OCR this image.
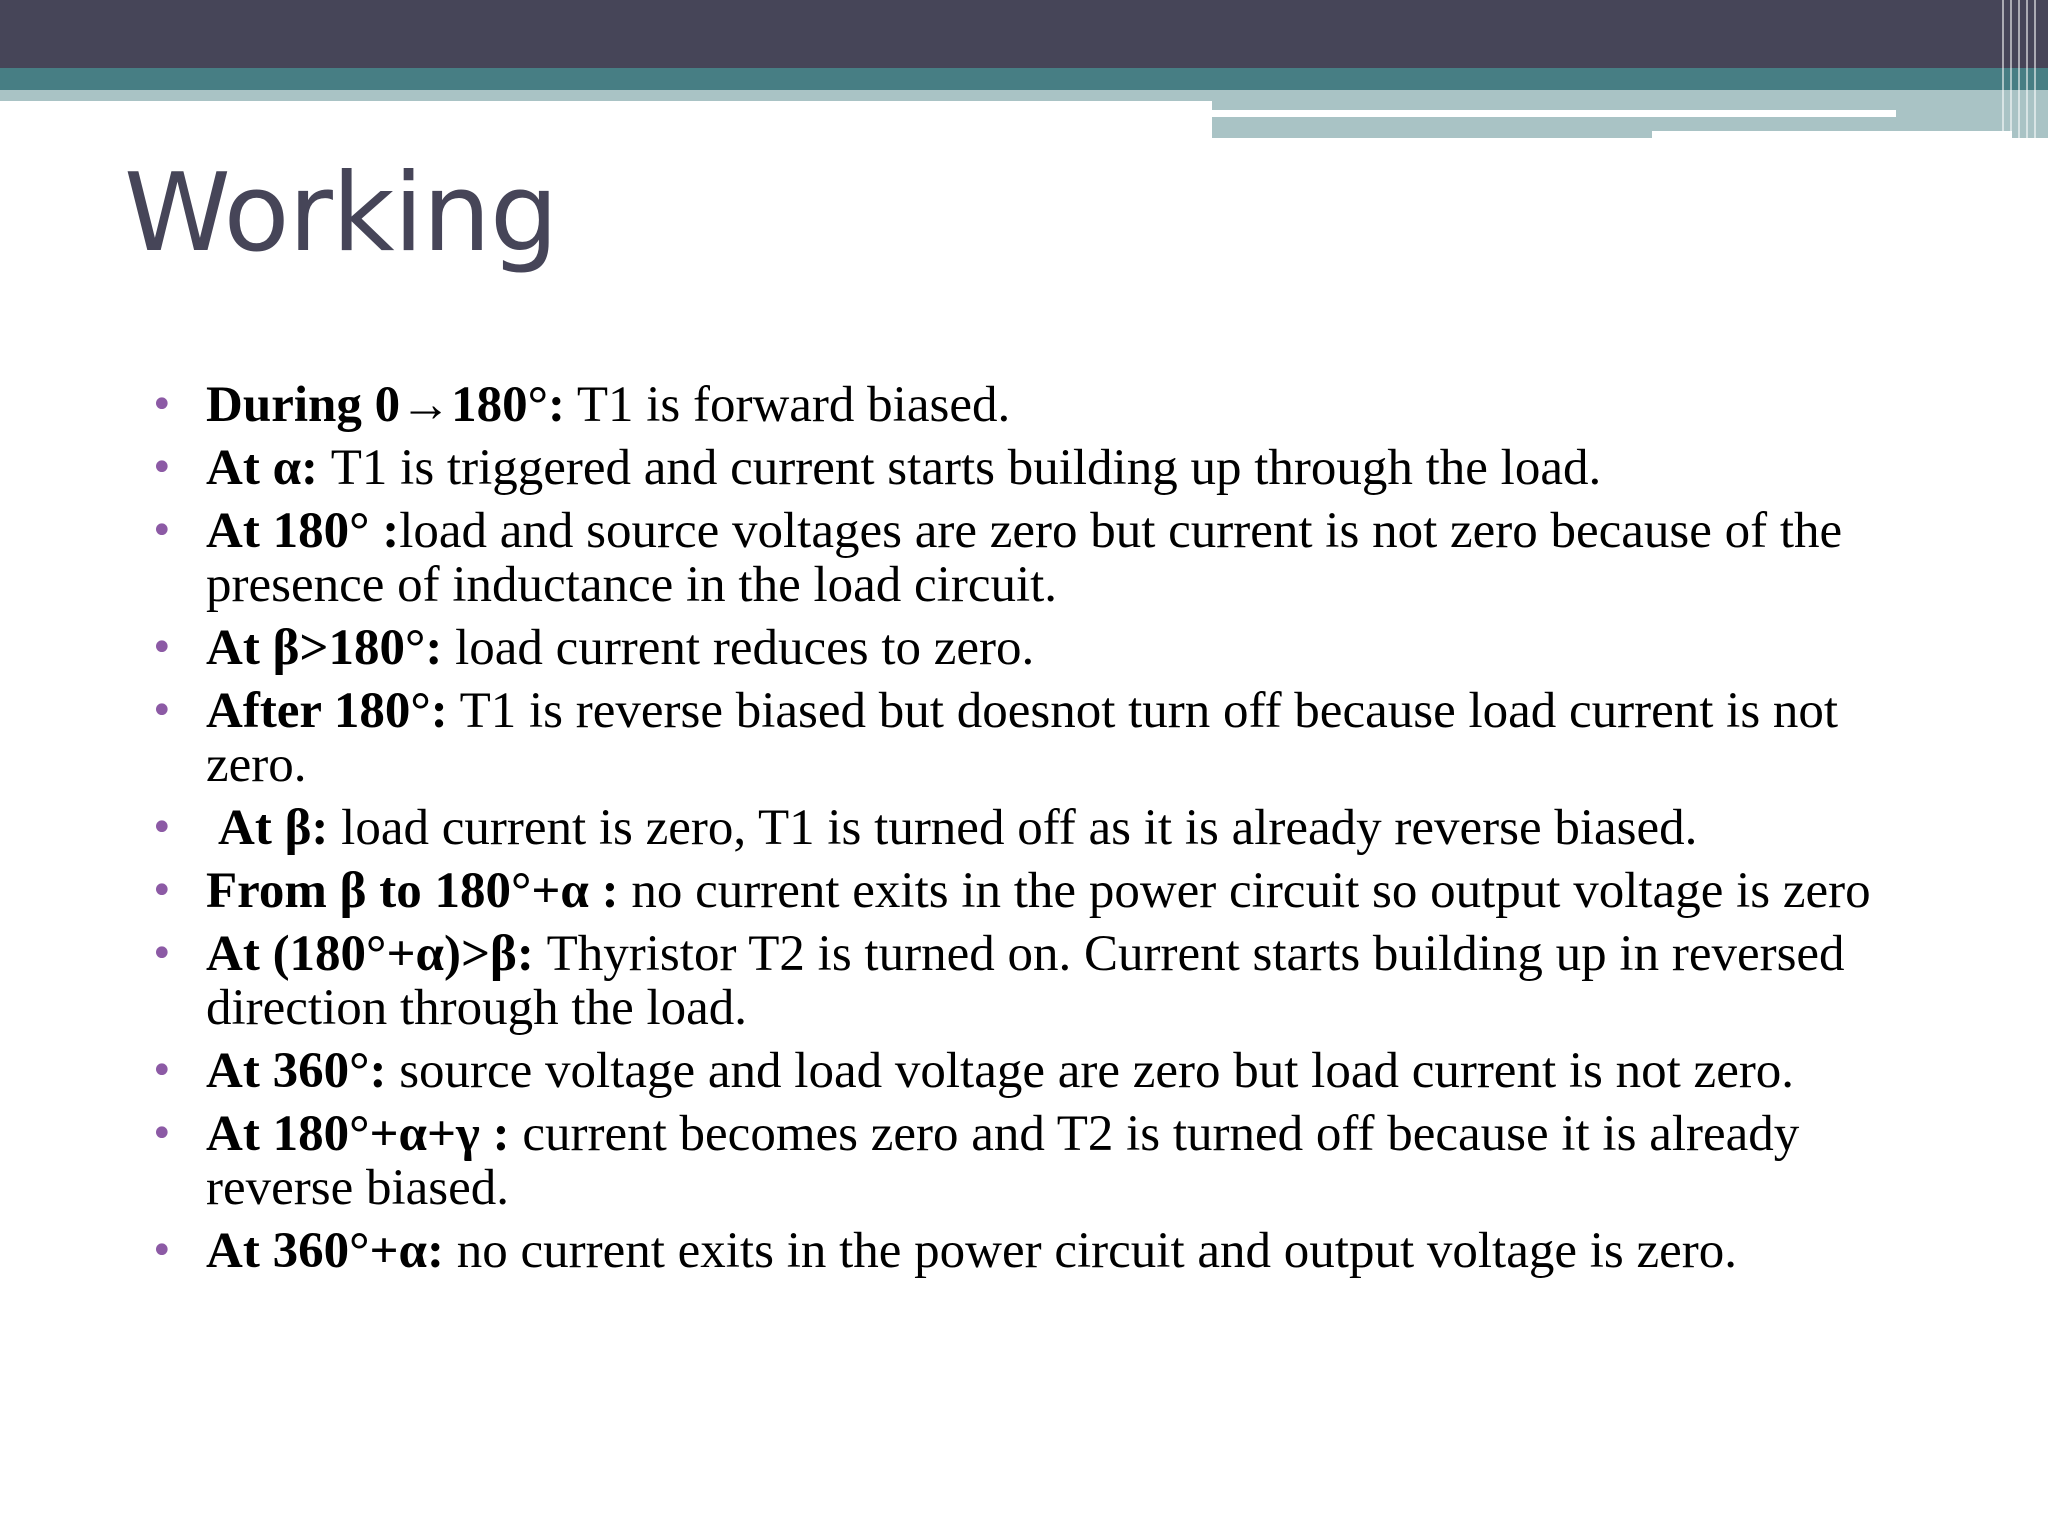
Working
• During 0→180°: T1 is forward biased.
• At α: T1 is triggered and current starts building up through the load.
• At 180° :load and source voltages are zero but current is not zero because of the presence of inductance in the load circuit.
• At β>180°: load current reduces to zero.
• After 180°: T1 is reverse biased but doesnot turn off because load current is not zero.
• At β: load current is zero, T1 is turned off as it is already reverse biased.
• From β to 180°+α : no current exits in the power circuit so output voltage is zero
• At (180°+α)>β: Thyristor T2 is turned on. Current starts building up in reversed direction through the load.
• At 360°: source voltage and load voltage are zero but load current is not zero.
• At 180°+α+γ : current becomes zero and T2 is turned off because it is already reverse biased.
• At 360°+α: no current exits in the power circuit and output voltage is zero.
